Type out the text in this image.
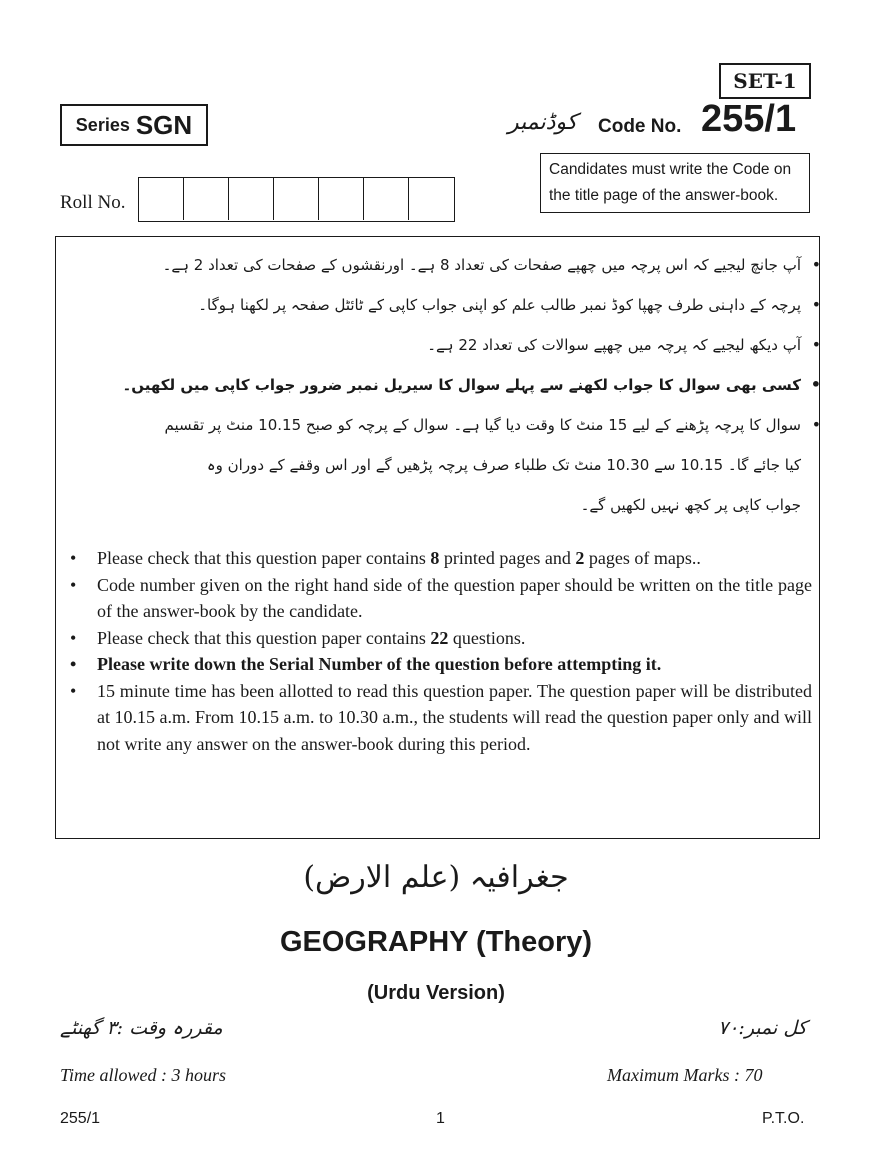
SET-1
Series SGN	کوڈنمبر Code No. 255/1
Candidates must write the Code on
the title page of the answer-book.
Roll No.
• آپ جانچ لیجیے کہ اس پرچہ میں چھپے صفحات کی تعداد 8 ہے۔ اورنقشوں کے صفحات کی تعداد 2 ہے۔
• پرچہ کے داہنی طرف چھپا کوڈ نمبر طالب علم کو اپنی جواب کاپی کے ٹائٹل صفحہ پر لکھنا ہوگا۔
• آپ دیکھ لیجیے کہ پرچہ میں چھپے سوالات کی تعداد 22 ہے۔
• کسی بھی سوال کا جواب لکھنے سے پہلے سوال کا سیریل نمبر ضرور جواب کاپی میں لکھیں۔
• سوال کا پرچہ پڑھنے کے لیے 15 منٹ کا وقت دیا گیا ہے۔ سوال کے پرچہ کو صبح 10.15 منٹ پر تقسیم
کیا جائے گا۔ 10.15 سے 10.30 منٹ تک طلباء صرف پرچہ پڑھیں گے اور اس وقفے کے دوران وہ
جواب کاپی پر کچھ نہیں لکھیں گے۔
• Please check that this question paper contains 8 printed pages and 2 pages of maps..
• Code number given on the right hand side of the question paper should be written on the title page of the answer-book by the candidate.
• Please check that this question paper contains 22 questions.
• Please write down the Serial Number of the question before attempting it.
• 15 minute time has been allotted to read this question paper. The question paper will be distributed at 10.15 a.m. From 10.15 a.m. to 10.30 a.m., the students will read the question paper only and will not write any answer on the answer-book during this period.
جغرافیہ (علم الارض)
GEOGRAPHY (Theory)
(Urdu Version)
مقررہ وقت :۳ گھنٹے	کل نمبر:۷۰
Time allowed : 3 hours	Maximum Marks : 70
255/1	1	P.T.O.
